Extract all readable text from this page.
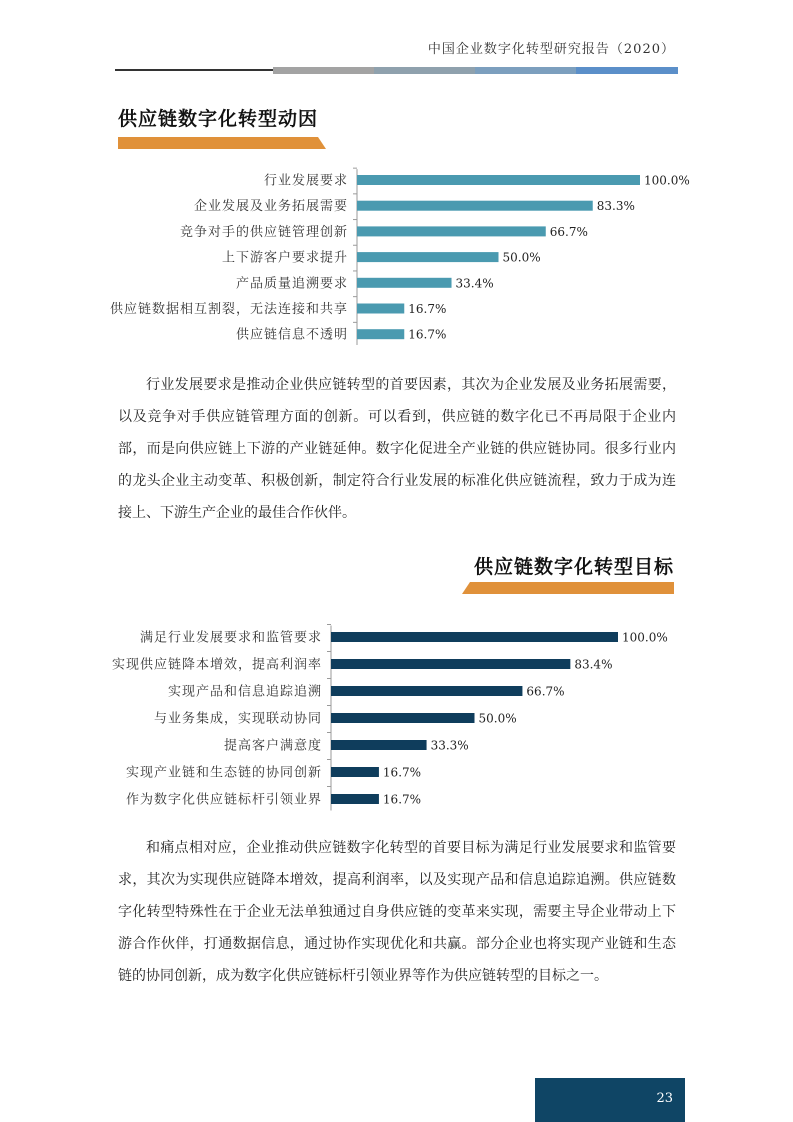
中国企业数字化转型研究报告（2020）
供应链数字化转型动因
行业发展要求	100.0%
企业发展及业务拓展需要	83.3%
竞争对手的供应链管理创新	66.7%
上下游客户要求提升	50.0%
产品质量追溯要求	33.4%
供应链数据相互割裂，无法连接和共享	16.7%
供应链信息不透明	16.7%
行业发展要求是推动企业供应链转型的首要因素，其次为企业发展及业务拓展需要，以及竞争对手供应链管理方面的创新。可以看到，供应链的数字化已不再局限于企业内部，而是向供应链上下游的产业链延伸。数字化促进全产业链的供应链协同。很多行业内的龙头企业主动变革、积极创新，制定符合行业发展的标准化供应链流程，致力于成为连接上、下游生产企业的最佳合作伙伴。
供应链数字化转型目标
满足行业发展要求和监管要求	100.0%
实现供应链降本增效，提高利润率	83.4%
实现产品和信息追踪追溯	66.7%
与业务集成，实现联动协同	50.0%
提高客户满意度	33.3%
实现产业链和生态链的协同创新	16.7%
作为数字化供应链标杆引领业界	16.7%
和痛点相对应，企业推动供应链数字化转型的首要目标为满足行业发展要求和监管要求，其次为实现供应链降本增效，提高利润率，以及实现产品和信息追踪追溯。供应链数字化转型特殊性在于企业无法单独通过自身供应链的变革来实现，需要主导企业带动上下游合作伙伴，打通数据信息，通过协作实现优化和共赢。部分企业也将实现产业链和生态链的协同创新，成为数字化供应链标杆引领业界等作为供应链转型的目标之一。
23
